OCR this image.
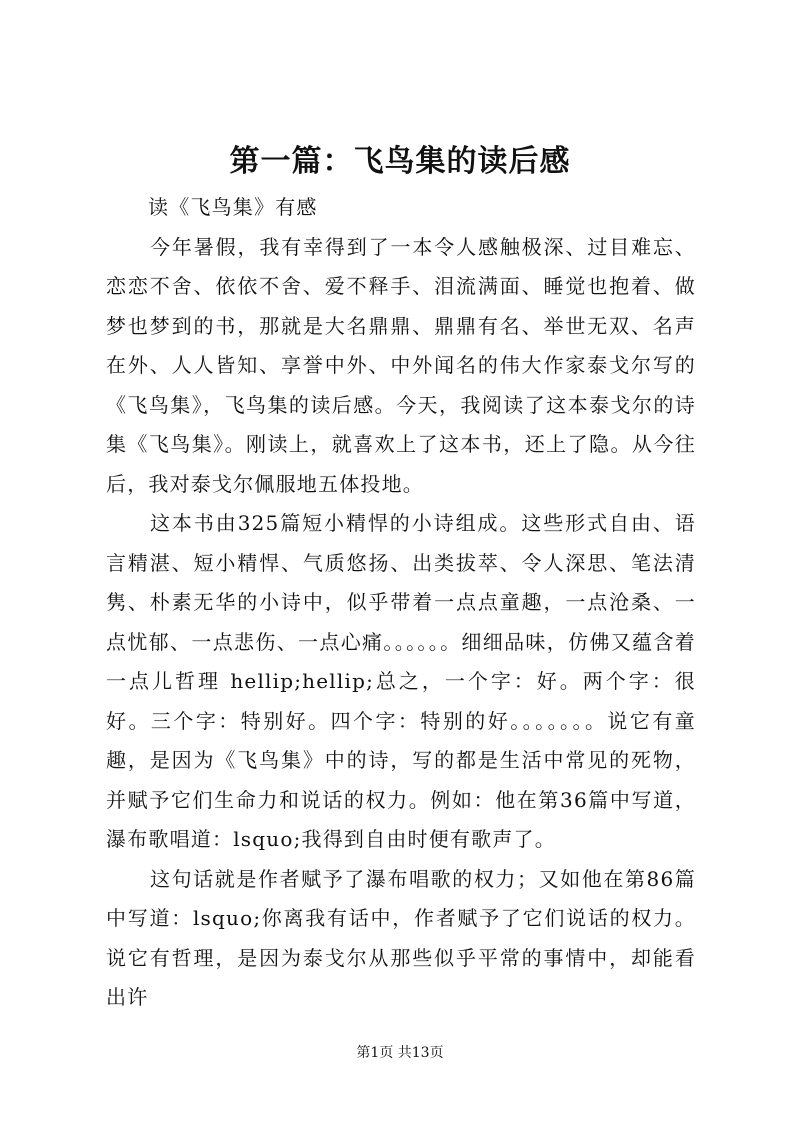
第一篇：飞鸟集的读后感

读《飞鸟集》有感

今年暑假，我有幸得到了一本令人感触极深、过目难忘、恋恋不舍、依依不舍、爱不释手、泪流满面、睡觉也抱着、做梦也梦到的书，那就是大名鼎鼎、鼎鼎有名、举世无双、名声在外、人人皆知、享誉中外、中外闻名的伟大作家泰戈尔写的《飞鸟集》，飞鸟集的读后感。今天，我阅读了这本泰戈尔的诗集《飞鸟集》。刚读上，就喜欢上了这本书，还上了隐。从今往后，我对泰戈尔佩服地五体投地。

这本书由325篇短小精悍的小诗组成。这些形式自由、语言精湛、短小精悍、气质悠扬、出类拔萃、令人深思、笔法清隽、朴素无华的小诗中，似乎带着一点点童趣，一点沧桑、一点忧郁、一点悲伤、一点心痛。。。。。。细细品味，仿佛又蕴含着一点儿哲理 hellip;hellip;总之，一个字：好。两个字：很好。三个字：特别好。四个字：特别的好。。。。。。。说它有童趣，是因为《飞鸟集》中的诗，写的都是生活中常见的死物，并赋予它们生命力和说话的权力。例如：他在第36篇中写道，瀑布歌唱道：lsquo;我得到自由时便有歌声了。

这句话就是作者赋予了瀑布唱歌的权力；又如他在第86篇中写道：lsquo;你离我有话中，作者赋予了它们说话的权力。说它有哲理，是因为泰戈尔从那些似乎平常的事情中，却能看出许

第1页 共13页
